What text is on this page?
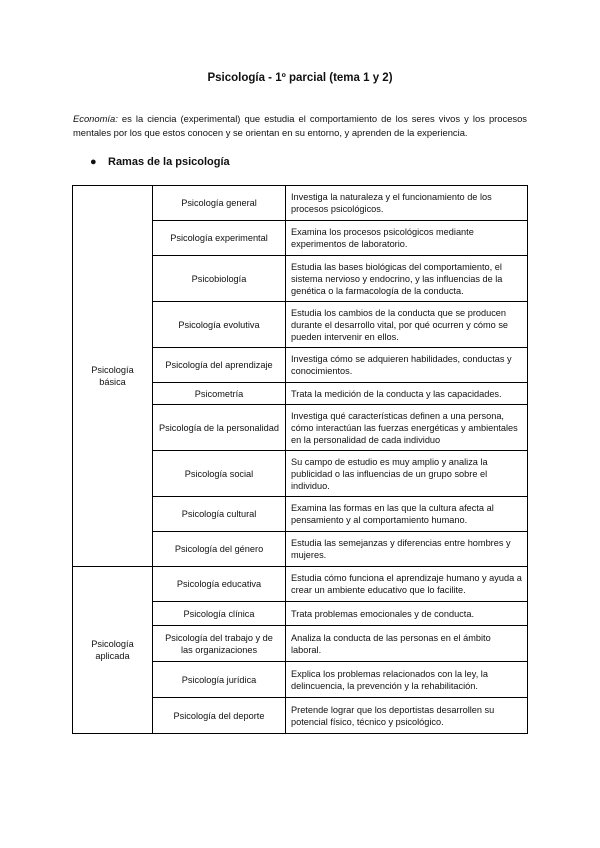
Psicología - 1º parcial (tema 1 y 2)

Economía: es la ciencia (experimental) que estudia el comportamiento de los seres vivos y los procesos mentales por los que estos conocen y se orientan en su entorno, y aprenden de la experiencia.

● Ramas de la psicología
Psicología básica	Psicología general	Investiga la naturaleza y el funcionamiento de los procesos psicológicos.
	Psicología experimental	Examina los procesos psicológicos mediante experimentos de laboratorio.
	Psicobiología	Estudia las bases biológicas del comportamiento, el sistema nervioso y endocrino, y las influencias de la genética o la farmacología de la conducta.
	Psicología evolutiva	Estudia los cambios de la conducta que se producen durante el desarrollo vital, por qué ocurren y cómo se pueden intervenir en ellos.
	Psicología del aprendizaje	Investiga cómo se adquieren habilidades, conductas y conocimientos.
	Psicometría	Trata la medición de la conducta y las capacidades.
	Psicología de la personalidad	Investiga qué características definen a una persona, cómo interactúan las fuerzas energéticas y ambientales en la personalidad de cada individuo
	Psicología social	Su campo de estudio es muy amplio y analiza la publicidad o las influencias de un grupo sobre el individuo.
	Psicología cultural	Examina las formas en las que la cultura afecta al pensamiento y al comportamiento humano.
	Psicología del género	Estudia las semejanzas y diferencias entre hombres y mujeres.
Psicología aplicada	Psicología educativa	Estudia cómo funciona el aprendizaje humano y ayuda a crear un ambiente educativo que lo facilite.
	Psicología clínica	Trata problemas emocionales y de conducta.
	Psicología del trabajo y de las organizaciones	Analiza la conducta de las personas en el ámbito laboral.
	Psicología jurídica	Explica los problemas relacionados con la ley, la delincuencia, la prevención y la rehabilitación.
	Psicología del deporte	Pretende lograr que los deportistas desarrollen su potencial físico, técnico y psicológico.
